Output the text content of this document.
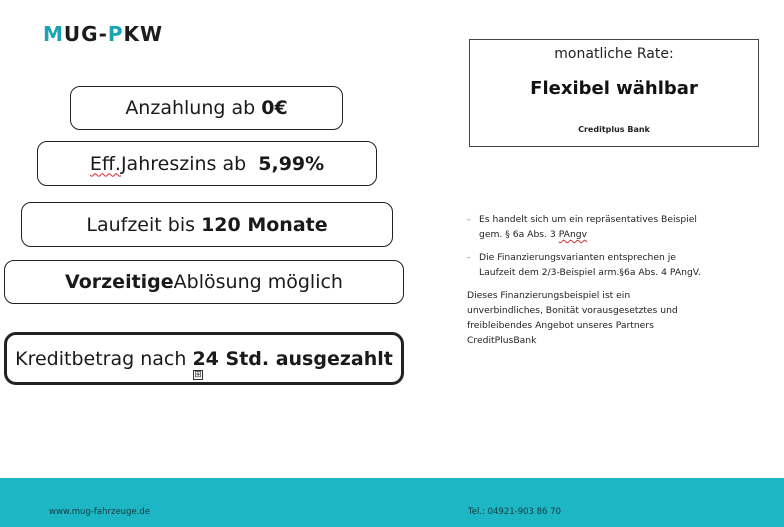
MUG-PKW
Anzahlung ab
0€
Eff. Jahreszins ab
5,99%
Laufzeit bis
120 Monate
Vorzeitige Ablösung möglich
Kreditbetrag nach
24 Std. ausgezahlt
⊞
monatliche Rate:
Flexibel wählbar
Creditplus Bank
- Es handelt sich um ein repräsentatives Beispiel gem. § 6a Abs. 3 PAngv
- Die Finanzierungsvarianten entsprechen je Laufzeit dem 2/3-Beispiel arm.§6a Abs. 4 PAngV.
Dieses Finanzierungsbeispiel ist ein unverbindliches, Bonität vorausgesetztes und freibleibendes Angebot unseres Partners CreditPlusBank
www.mug-fahrzeuge.de	Tel.: 04921-903 86 70
